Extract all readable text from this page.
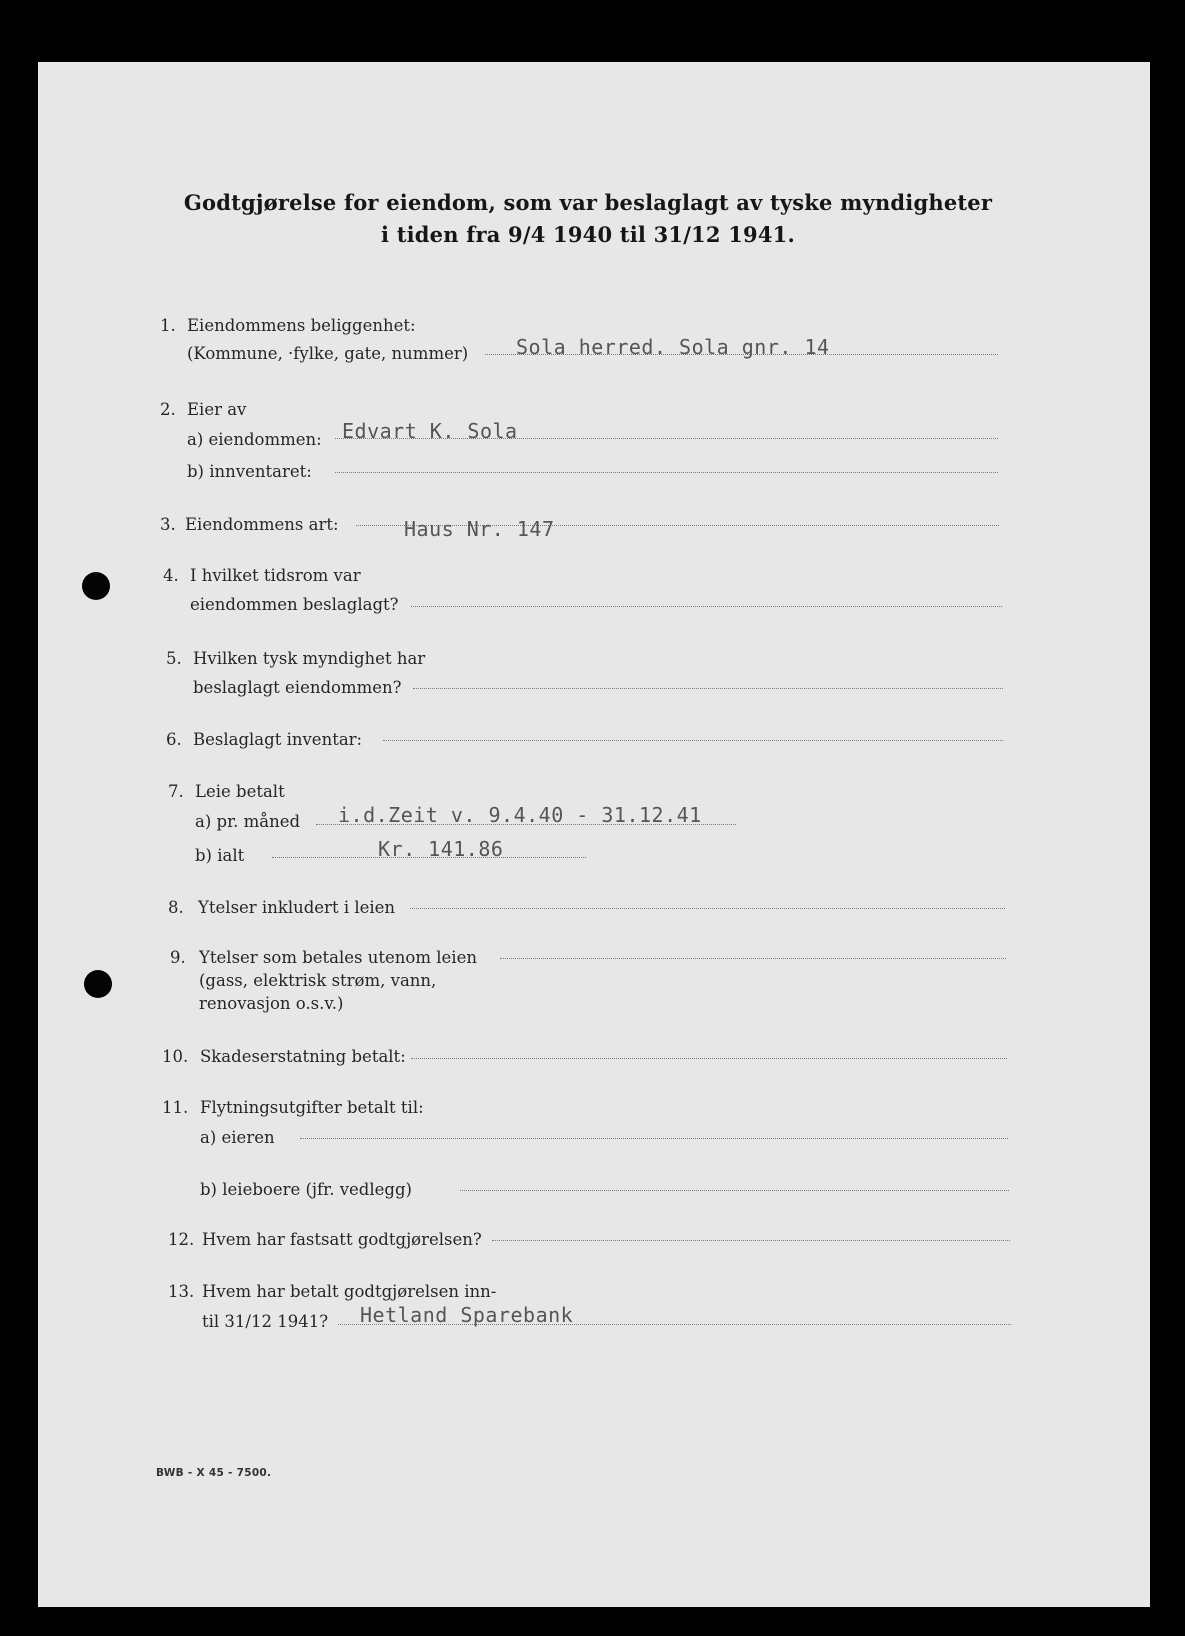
Godtgjørelse for eiendom, som var beslaglagt av tyske myndigheter
i tiden fra 9/4 1940 til 31/12 1941.
1. Eiendommens beliggenhet:
(Kommune, ·fylke, gate, nummer) Sola herred. Sola gnr. 14
2. Eier av
a) eiendommen: Edvart K. Sola
b) innventaret:
3. Eiendommens art:	Haus Nr. 147
4. I hvilket tidsrom var
eiendommen beslaglagt?
5. Hvilken tysk myndighet har
beslaglagt eiendommen?
6. Beslaglagt inventar:
7. Leie betalt
a) pr. måned i.d.Zeit v. 9.4.40 - 31.12.41
b) ialt	Kr. 141.86
8. Ytelser inkludert i leien
9. Ytelser som betales utenom leien
(gass, elektrisk strøm, vann,
renovasjon o.s.v.)
10. Skadeserstatning betalt:
11. Flytningsutgifter betalt til:
a) eieren
b) leieboere (jfr. vedlegg)
12. Hvem har fastsatt godtgjørelsen?
13. Hvem har betalt godtgjørelsen inn-
til 31/12 1941? Hetland Sparebank
BWB - X 45 - 7500.
